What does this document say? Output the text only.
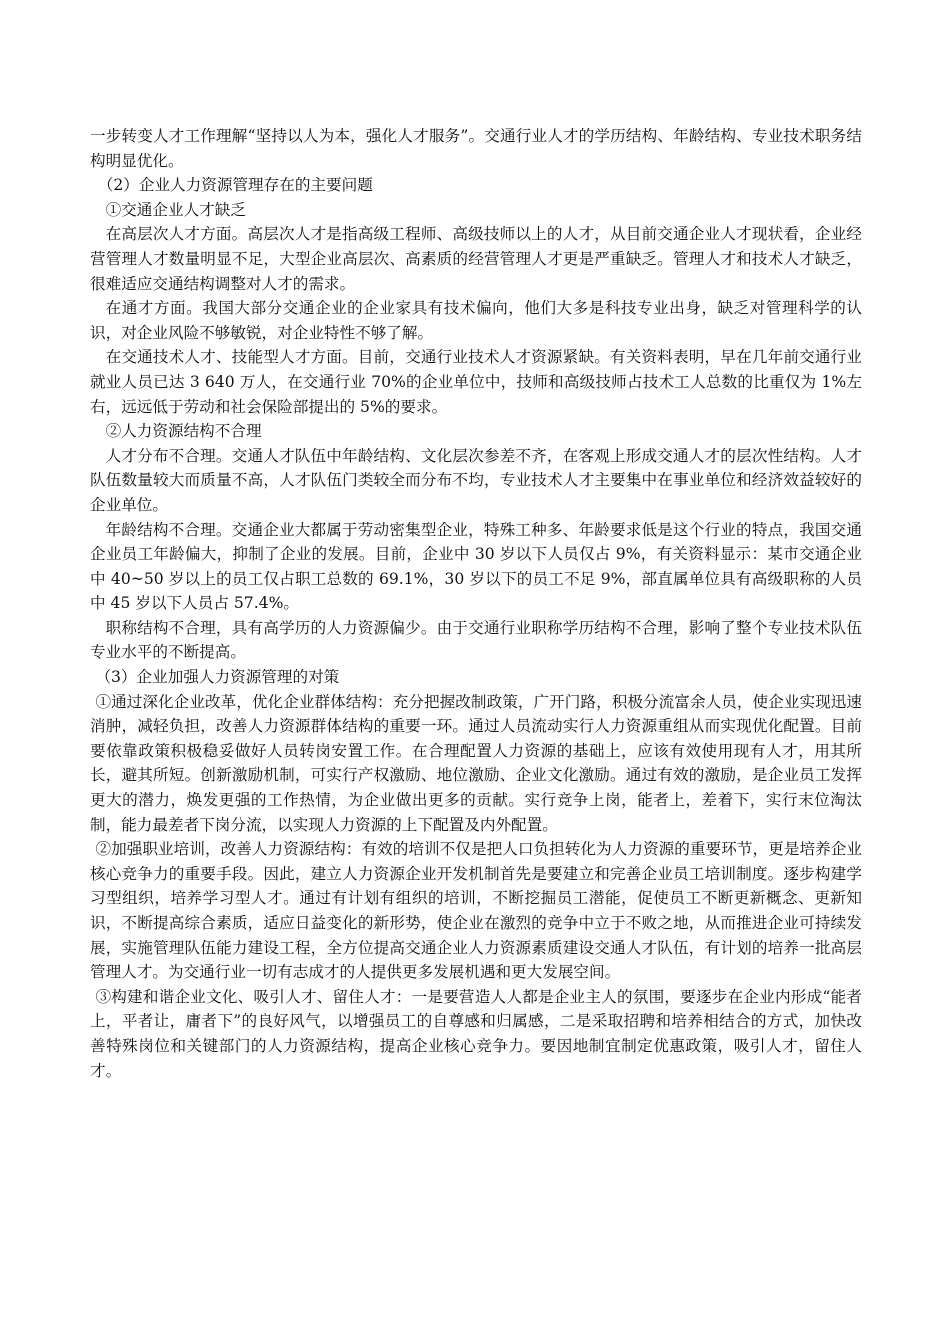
一步转变人才工作理解“坚持以人为本，强化人才服务”。交通行业人才的学历结构、年龄结构、专业技术职务结构明显优化。

（2）企业人力资源管理存在的主要问题

①交通企业人才缺乏

在高层次人才方面。高层次人才是指高级工程师、高级技师以上的人才，从目前交通企业人才现状看，企业经营管理人才数量明显不足，大型企业高层次、高素质的经营管理人才更是严重缺乏。管理人才和技术人才缺乏，很难适应交通结构调整对人才的需求。

在通才方面。我国大部分交通企业的企业家具有技术偏向，他们大多是科技专业出身，缺乏对管理科学的认识，对企业风险不够敏锐，对企业特性不够了解。

在交通技术人才、技能型人才方面。目前，交通行业技术人才资源紧缺。有关资料表明，早在几年前交通行业就业人员已达 3 640 万人，在交通行业 70%的企业单位中，技师和高级技师占技术工人总数的比重仅为 1%左右，远远低于劳动和社会保险部提出的 5%的要求。

②人力资源结构不合理

人才分布不合理。交通人才队伍中年龄结构、文化层次参差不齐，在客观上形成交通人才的层次性结构。人才队伍数量较大而质量不高，人才队伍门类较全而分布不均，专业技术人才主要集中在事业单位和经济效益较好的企业单位。

年龄结构不合理。交通企业大都属于劳动密集型企业，特殊工种多、年龄要求低是这个行业的特点，我国交通企业员工年龄偏大，抑制了企业的发展。目前，企业中 30 岁以下人员仅占 9%，有关资料显示：某市交通企业中 40~50 岁以上的员工仅占职工总数的 69.1%，30 岁以下的员工不足 9%，部直属单位具有高级职称的人员中 45 岁以下人员占 57.4%。

职称结构不合理，具有高学历的人力资源偏少。由于交通行业职称学历结构不合理，影响了整个专业技术队伍专业水平的不断提高。

（3）企业加强人力资源管理的对策

①通过深化企业改革，优化企业群体结构：充分把握改制政策，广开门路，积极分流富余人员，使企业实现迅速消肿，减轻负担，改善人力资源群体结构的重要一环。通过人员流动实行人力资源重组从而实现优化配置。目前要依靠政策积极稳妥做好人员转岗安置工作。在合理配置人力资源的基础上，应该有效使用现有人才，用其所长，避其所短。创新激励机制，可实行产权激励、地位激励、企业文化激励。通过有效的激励，是企业员工发挥更大的潜力，焕发更强的工作热情，为企业做出更多的贡献。实行竞争上岗，能者上，差着下，实行末位淘汰制，能力最差者下岗分流，以实现人力资源的上下配置及内外配置。

②加强职业培训，改善人力资源结构：有效的培训不仅是把人口负担转化为人力资源的重要环节，更是培养企业核心竞争力的重要手段。因此，建立人力资源企业开发机制首先是要建立和完善企业员工培训制度。逐步构建学习型组织，培养学习型人才。通过有计划有组织的培训，不断挖掘员工潜能，促使员工不断更新概念、更新知识，不断提高综合素质，适应日益变化的新形势，使企业在激烈的竞争中立于不败之地，从而推进企业可持续发展，实施管理队伍能力建设工程，全方位提高交通企业人力资源素质建设交通人才队伍，有计划的培养一批高层管理人才。为交通行业一切有志成才的人提供更多发展机遇和更大发展空间。

③构建和谐企业文化、吸引人才、留住人才：一是要营造人人都是企业主人的氛围，要逐步在企业内形成“能者上，平者让，庸者下”的良好风气，以增强员工的自尊感和归属感，二是采取招聘和培养相结合的方式，加快改善特殊岗位和关键部门的人力资源结构，提高企业核心竞争力。要因地制宜制定优惠政策，吸引人才，留住人才。
